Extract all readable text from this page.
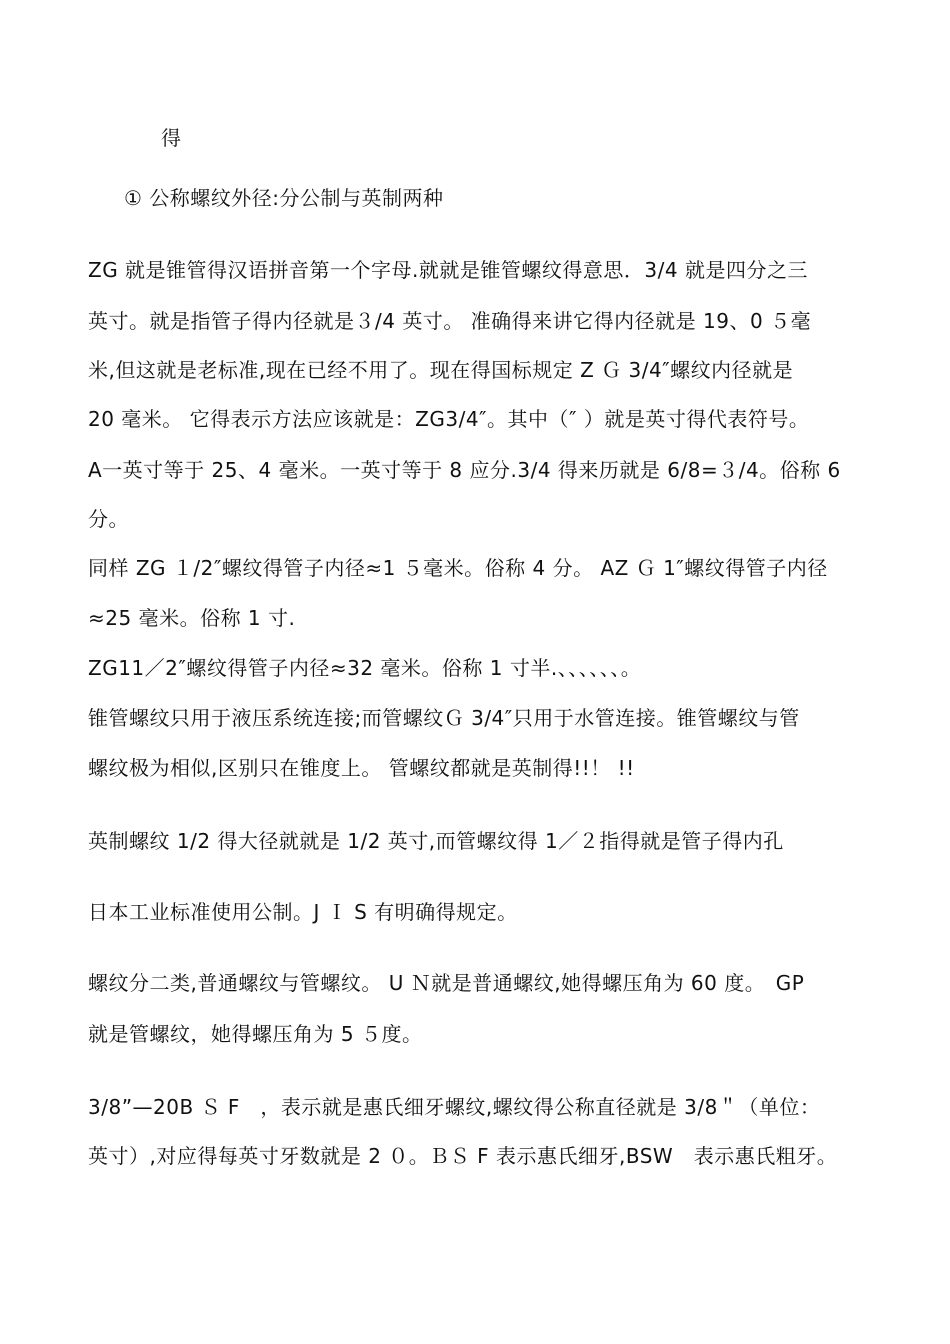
得
① 公称螺纹外径:分公制与英制两种
ZG 就是锥管得汉语拼音第一个字母.就就是锥管螺纹得意思．3/4 就是四分之三
英寸。就是指管子得内径就是３/4 英寸。 准确得来讲它得内径就是 19、0 ５毫
米,但这就是老标准,现在已经不用了。现在得国标规定 Z Ｇ 3/4″螺纹内径就是
20 毫米。 它得表示方法应该就是：ZG3/4″。其中（″ ）就是英寸得代表符号。
A一英寸等于 25、4 毫米。一英寸等于 8 应分.3/4 得来历就是 6/8=３/4。俗称 6
分。
同样 ZG １/2″螺纹得管子内径≈1 ５毫米。俗称 4 分。 AZ Ｇ 1″螺纹得管子内径
≈25 毫米。俗称 1 寸.
ZG11／2″螺纹得管子内径≈32 毫米。俗称 1 寸半.、、、、、、。
锥管螺纹只用于液压系统连接;而管螺纹Ｇ 3/4″只用于水管连接。锥管螺纹与管
螺纹极为相似,区别只在锥度上。 管螺纹都就是英制得!!！ !!
英制螺纹 1/2 得大径就就是 1/2 英寸,而管螺纹得 1／２指得就是管子得内孔
日本工业标准使用公制。J Ｉ S 有明确得规定。
螺纹分二类,普通螺纹与管螺纹。 U Ｎ就是普通螺纹,她得螺压角为 60 度。　GP
就是管螺纹，她得螺压角为 5 ５度。
3/8”—20B Ｓ F　，表示就是惠氏细牙螺纹,螺纹得公称直径就是 3/8＂（单位：
英寸）,对应得每英寸牙数就是 2 ０。ＢＳ F 表示惠氏细牙,BSW　表示惠氏粗牙。
